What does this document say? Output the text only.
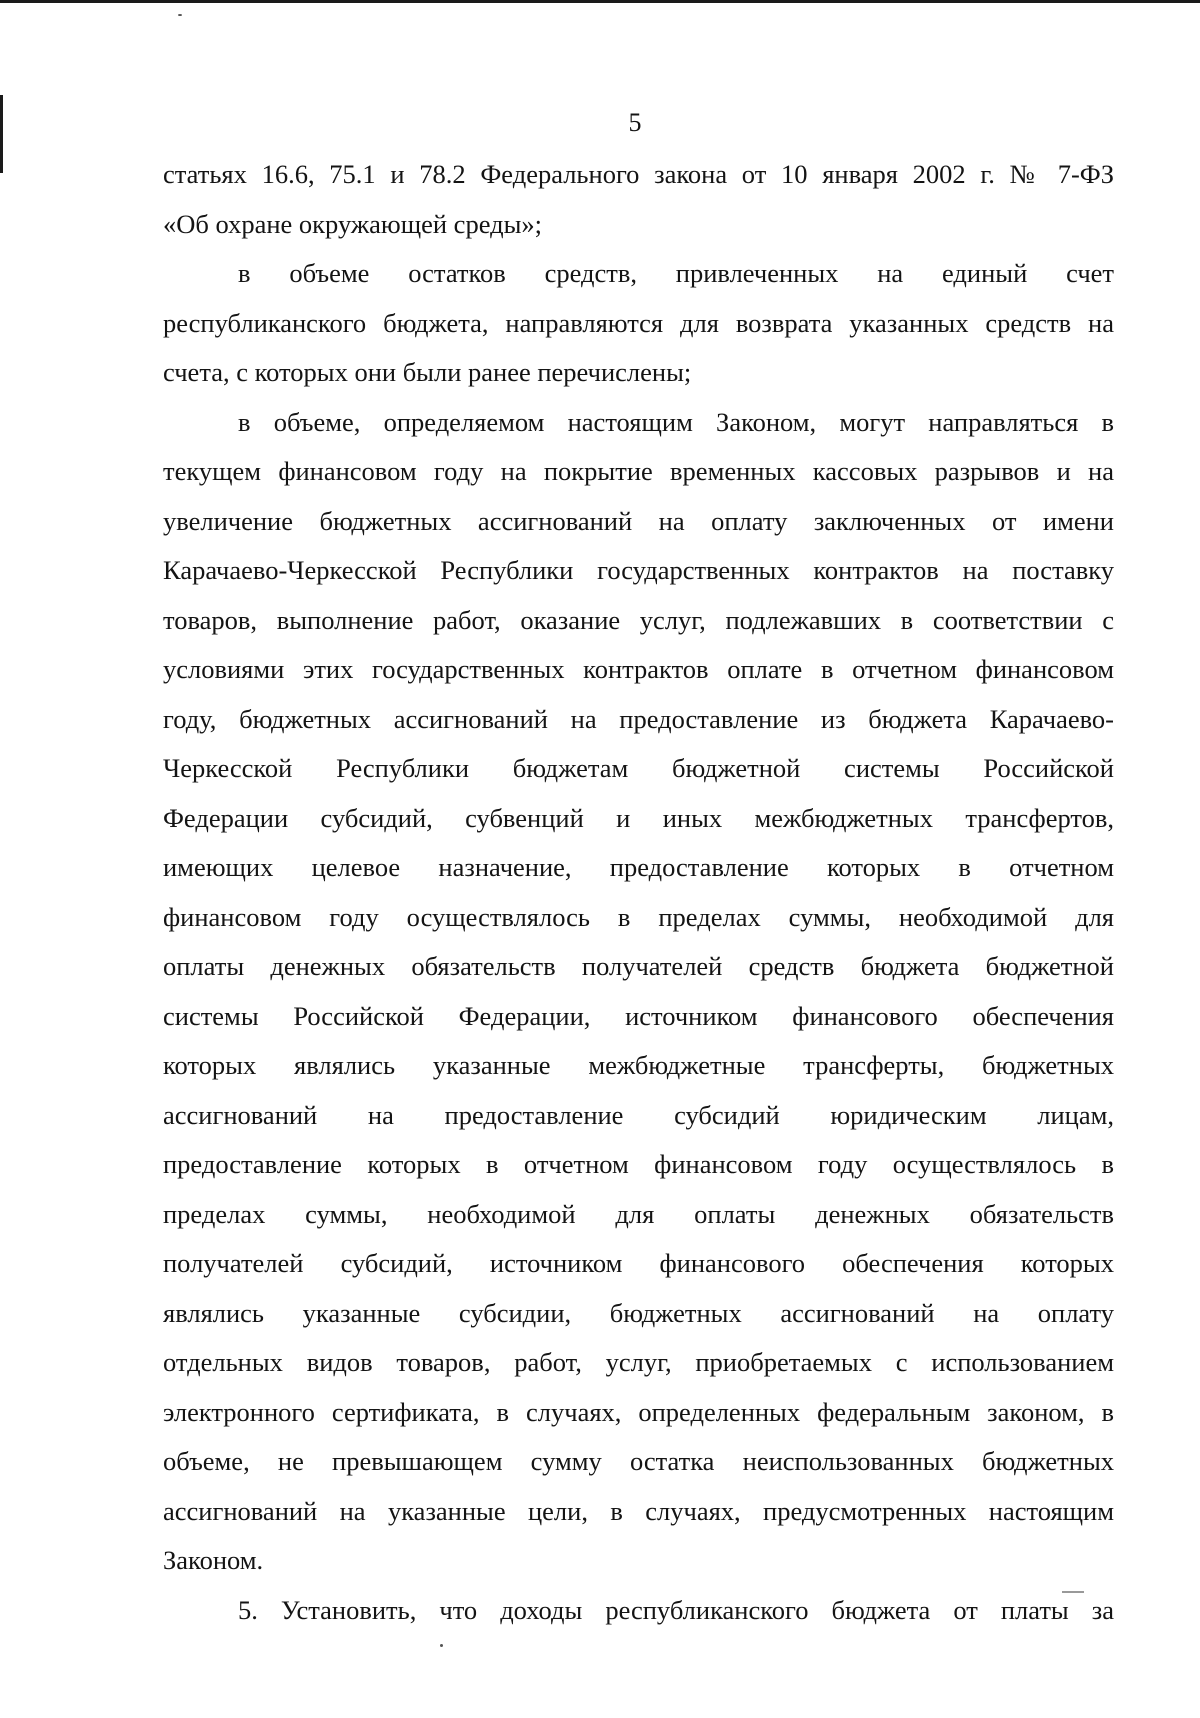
5
статьях 16.6, 75.1 и 78.2 Федерального закона от 10 января 2002 г. № 7-ФЗ
«Об охране окружающей среды»;
в объеме остатков средств, привлеченных на единый счет
республиканского бюджета, направляются для возврата указанных средств на
счета, с которых они были ранее перечислены;
в объеме, определяемом настоящим Законом, могут направляться в
текущем финансовом году на покрытие временных кассовых разрывов и на
увеличение бюджетных ассигнований на оплату заключенных от имени
Карачаево-Черкесской Республики государственных контрактов на поставку
товаров, выполнение работ, оказание услуг, подлежавших в соответствии с
условиями этих государственных контрактов оплате в отчетном финансовом
году, бюджетных ассигнований на предоставление из бюджета Карачаево-
Черкесской Республики бюджетам бюджетной системы Российской
Федерации субсидий, субвенций и иных межбюджетных трансфертов,
имеющих целевое назначение, предоставление которых в отчетном
финансовом году осуществлялось в пределах суммы, необходимой для
оплаты денежных обязательств получателей средств бюджета бюджетной
системы Российской Федерации, источником финансового обеспечения
которых являлись указанные межбюджетные трансферты, бюджетных
ассигнований на предоставление субсидий юридическим лицам,
предоставление которых в отчетном финансовом году осуществлялось в
пределах суммы, необходимой для оплаты денежных обязательств
получателей субсидий, источником финансового обеспечения которых
являлись указанные субсидии, бюджетных ассигнований на оплату
отдельных видов товаров, работ, услуг, приобретаемых с использованием
электронного сертификата, в случаях, определенных федеральным законом, в
объеме, не превышающем сумму остатка неиспользованных бюджетных
ассигнований на указанные цели, в случаях, предусмотренных настоящим
Законом.
5. Установить, что доходы республиканского бюджета от платы за
